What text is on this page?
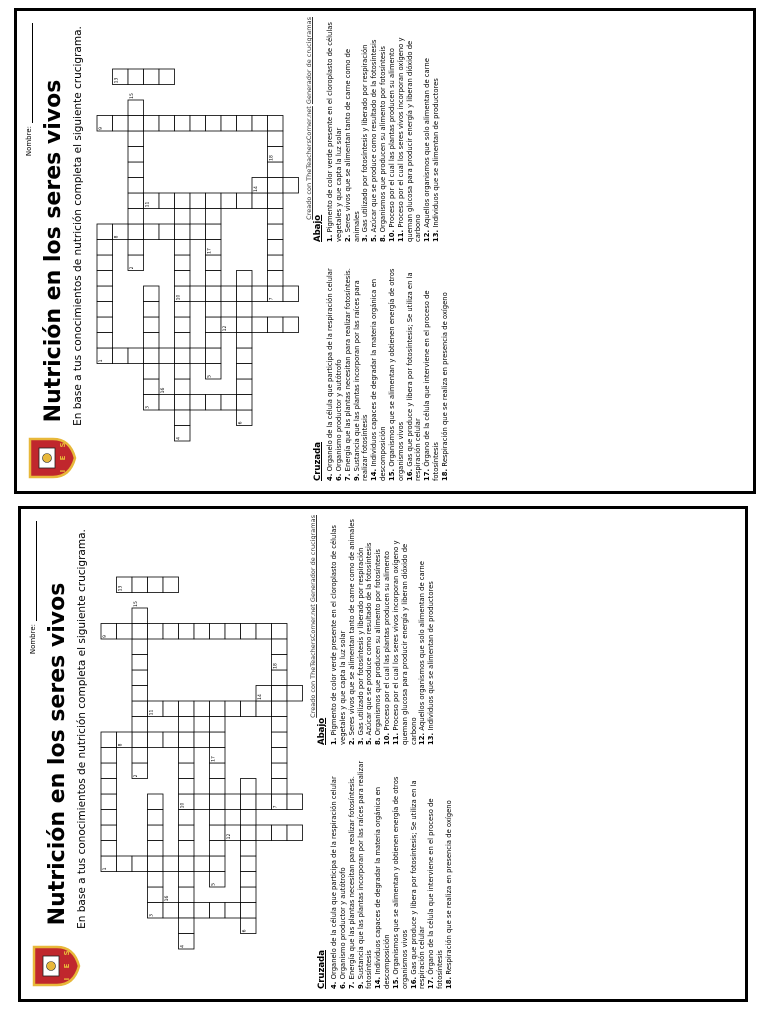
Nombre:
I
E
S
Nutrición en los seres vivos En base a tus conocimientos de nutrición completa el siguiente crucigrama.	1
2
3
4
5
6
7
8
9
10
11
12
13
14
15
16
17
18	Creado con TheTeachersCorner.net Generador de crucigramas
Cruzada 4. Organelo de la célula que participa de la respiración celular
6. Organismo productor y autótrofo
7. Energía que las plantas necesitan para realizar fotosíntesis.
9. Sustancia que las plantas incorporan por las raíces para realizar fotosíntesis 14. Individuos capaces de degradar la materia orgánica en descomposición 15. Organismos que se alimentan y obtienen energía de otros organismos vivos 16. Gas que produce y libera por fotosíntesis; Se utiliza en la respiración celular 17. Órgano de la célula que interviene en el proceso de fotosíntesis 18. Respiración que se realiza en presencia de oxígeno
Abajo 1. Pigmento de color verde presente en el cloroplasto de células vegetales y que capta la luz solar 2. Seres vivos que se alimentan tanto de carne como de animales 3. Gas utilizado por fotosíntesis y liberado por respiración
5. Azúcar que se produce como resultado de la fotosíntesis
8. Organismos que producen su alimento por fotosíntesis
10. Proceso por el cual las plantas producen su alimento
11. Proceso por el cual los seres vivos incorporan oxígeno y queman glucosa para producir energía y liberan dióxido de carbono 12. Aquellos organismos que solo alimentan de carne
13. Individuos que se alimentan de productores
Nombre:
I
E
S
Nutrición en los seres vivos En base a tus conocimientos de nutrición completa el siguiente crucigrama.	1
2
3
4
5
6
7
8
9
10
11
12
13
14
15
16
17
18	Creado con TheTeachersCorner.net Generador de crucigramas
Cruzada 4. Organelo de la célula que participa de la respiración celular
6. Organismo productor y autótrofo
7. Energía que las plantas necesitan para realizar fotosíntesis.
9. Sustancia que las plantas incorporan por las raíces para realizar fotosíntesis 14. Individuos capaces de degradar la materia orgánica en descomposición 15. Organismos que se alimentan y obtienen energía de otros organismos vivos 16. Gas que produce y libera por fotosíntesis; Se utiliza en la respiración celular 17. Órgano de la célula que interviene en el proceso de fotosíntesis 18. Respiración que se realiza en presencia de oxígeno
Abajo 1. Pigmento de color verde presente en el cloroplasto de células vegetales y que capta la luz solar 2. Seres vivos que se alimentan tanto de carne como de animales
3. Gas utilizado por fotosíntesis y liberado por respiración
5. Azúcar que se produce como resultado de la fotosíntesis
8. Organismos que producen su alimento por fotosíntesis
10. Proceso por el cual las plantas producen su alimento
11. Proceso por el cual los seres vivos incorporan oxígeno y queman glucosa para producir energía y liberan dióxido de carbono 12. Aquellos organismos que solo alimentan de carne
13. Individuos que se alimentan de productores
